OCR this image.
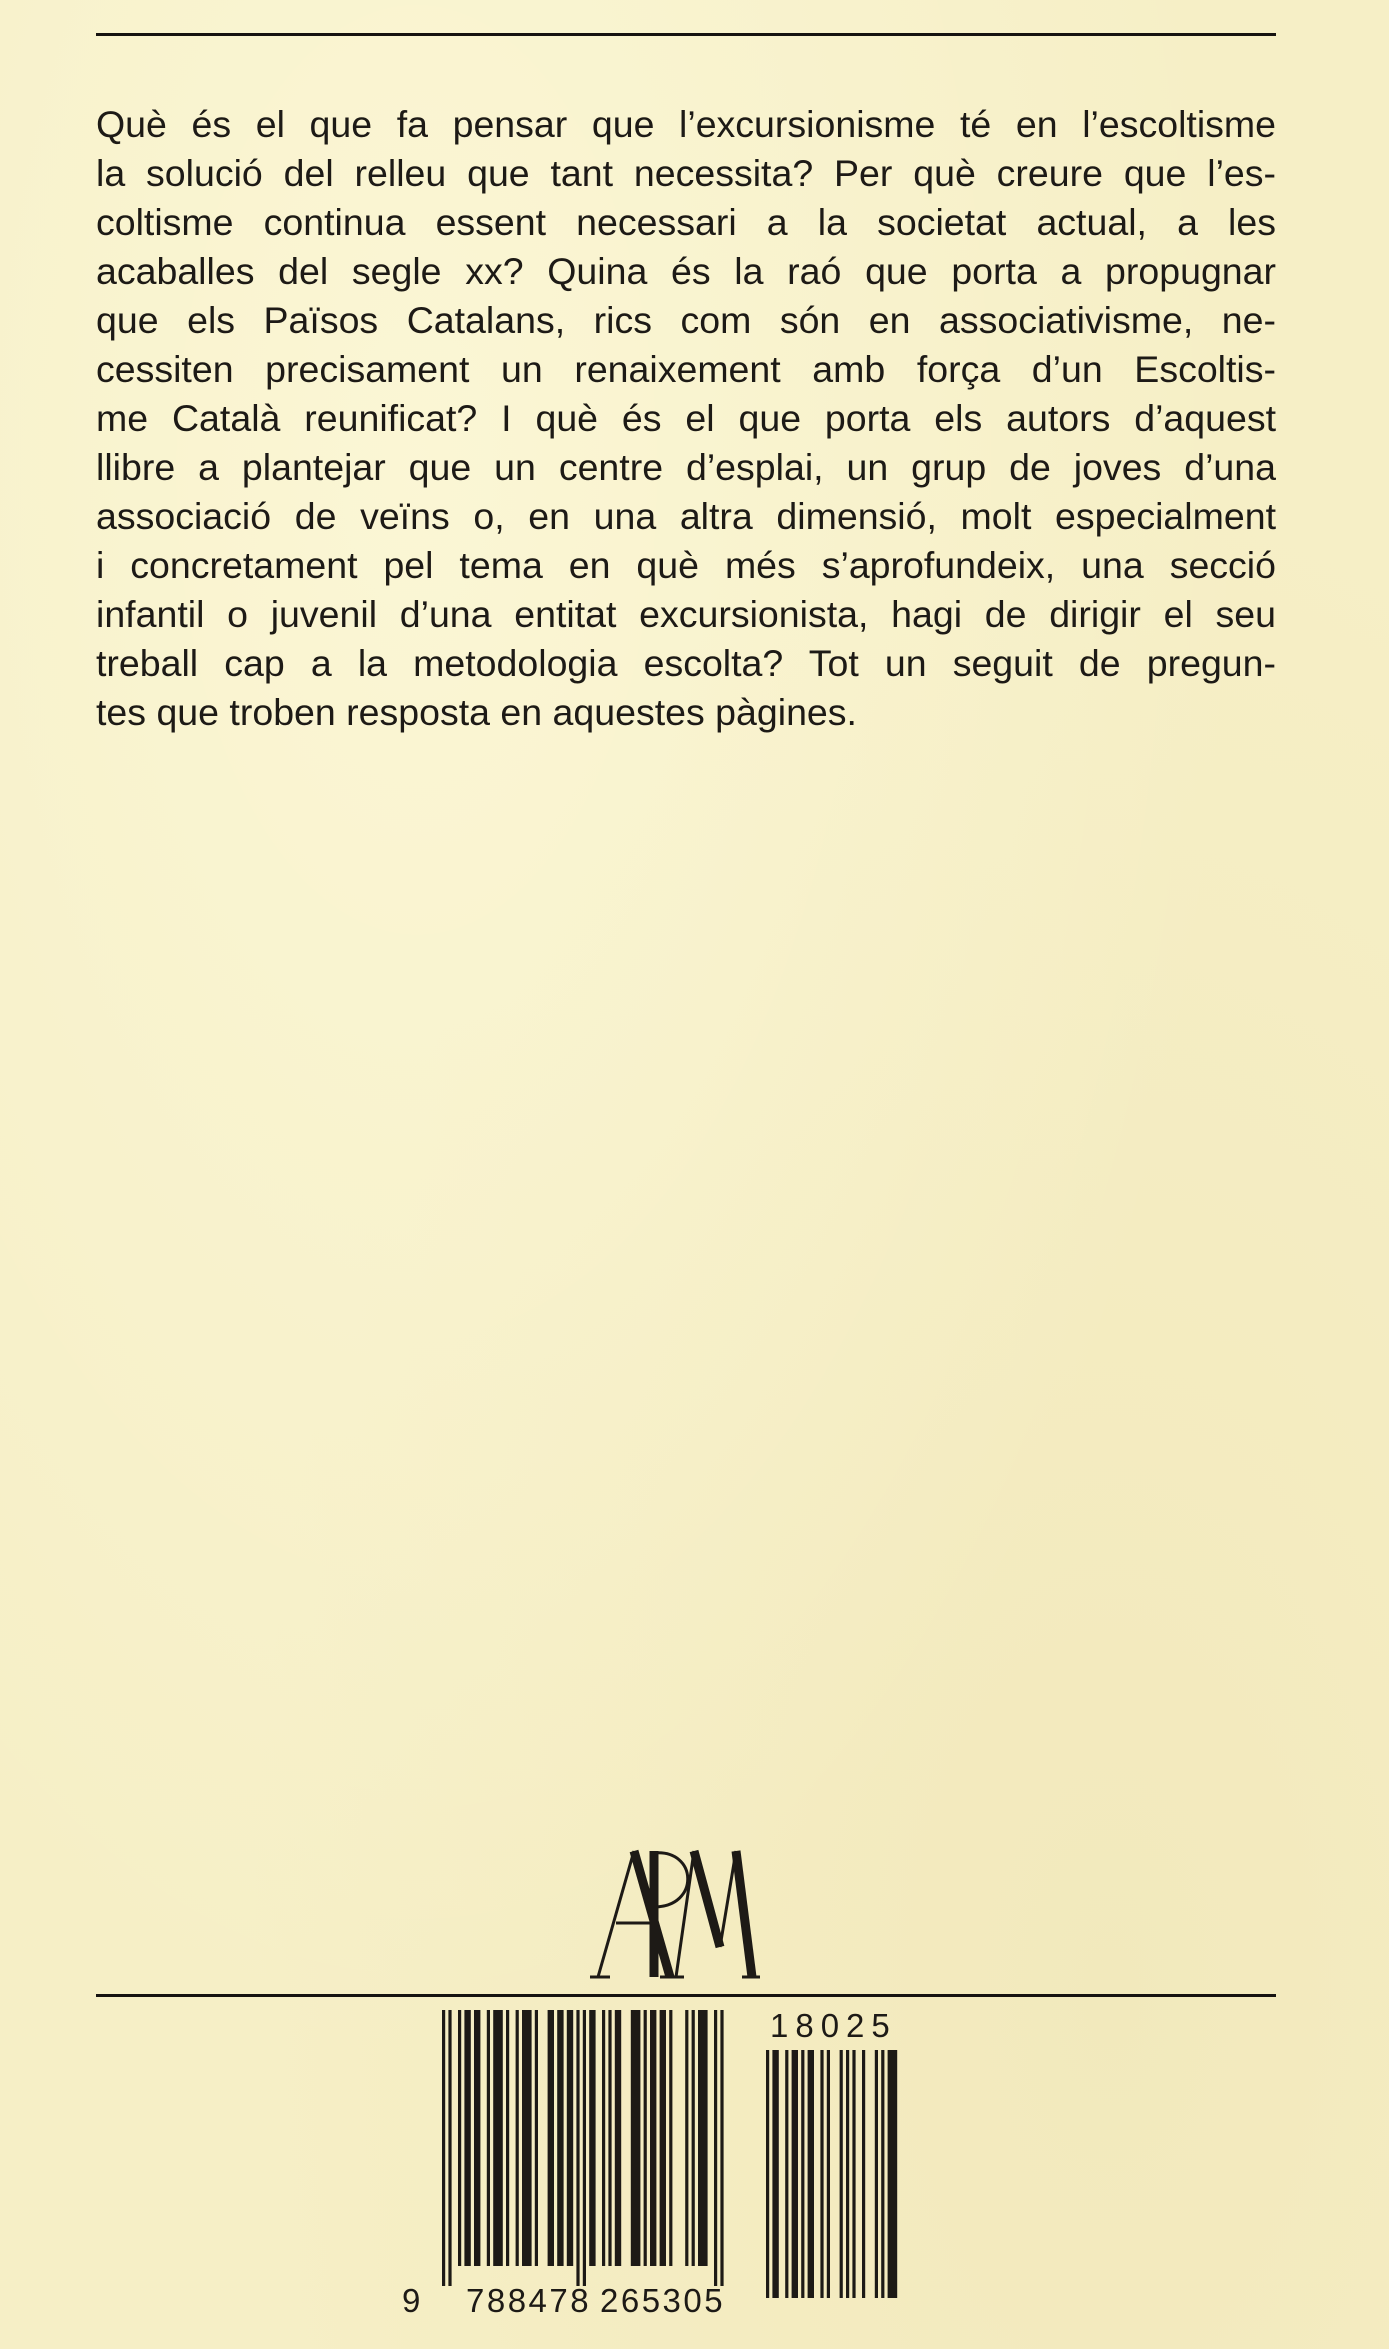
Què és el que fa pensar que l’excursionisme té en l’escoltisme
la solució del relleu que tant necessita? Per què creure que l’es-
coltisme continua essent necessari a la societat actual, a les
acaballes del segle xx? Quina és la raó que porta a propugnar
que els Països Catalans, rics com són en associativisme, ne-
cessiten precisament un renaixement amb força d’un Escoltis-
me Català reunificat? I què és el que porta els autors d’aquest
llibre a plantejar que un centre d’esplai, un grup de joves d’una
associació de veïns o, en una altra dimensió, molt especialment
i concretament pel tema en què més s’aprofundeix, una secció
infantil o juvenil d’una entitat excursionista, hagi de dirigir el seu
treball cap a la metodologia escolta? Tot un seguit de pregun-
tes que troben resposta en aquestes pàgines.
18025
9 788478 265305
